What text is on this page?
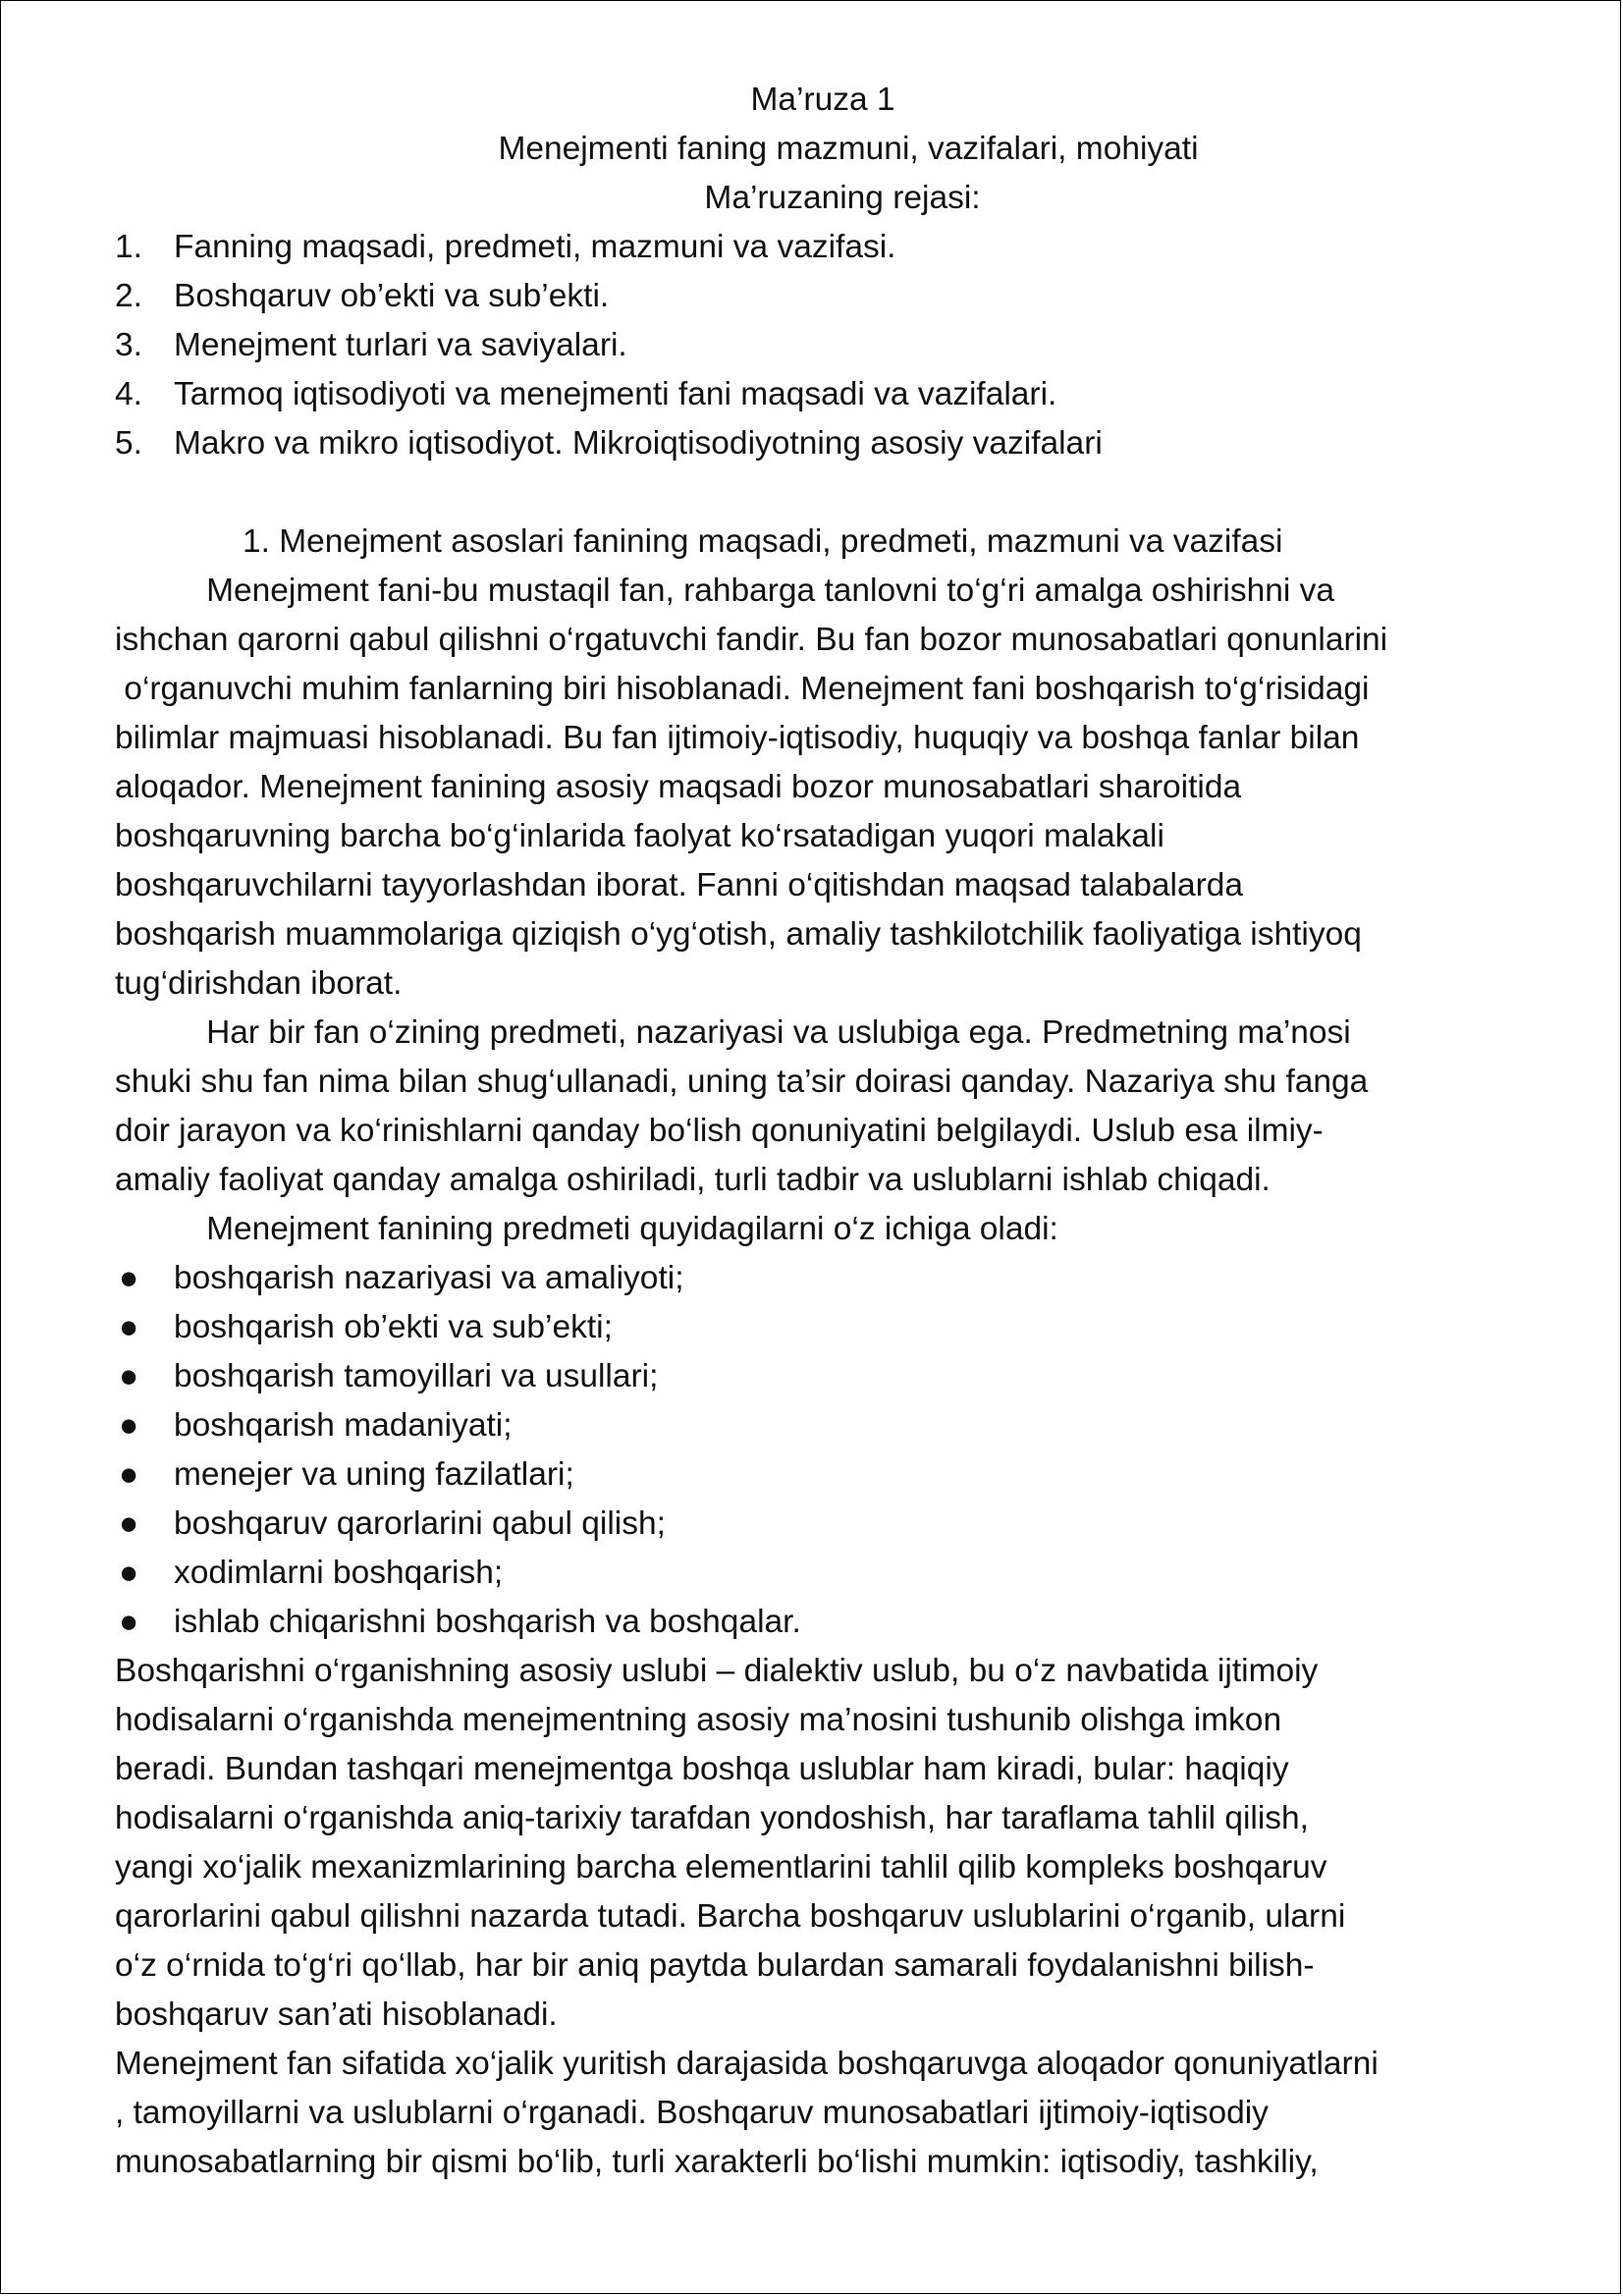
Ma’ruza 1
Menejmenti faning mazmuni, vazifalari, mohiyati
Ma’ruzaning rejasi:
1. Fanning maqsadi, predmeti, mazmuni va vazifasi.
2. Boshqaruv ob’ekti va sub’ekti.
3. Menejment turlari va saviyalari.
4. Tarmoq iqtisodiyoti va menejmenti fani maqsadi va vazifalari.
5. Makro va mikro iqtisodiyot. Mikroiqtisodiyotning asosiy vazifalari
1. Menejment asoslari fanining maqsadi, predmeti, mazmuni va vazifasi
Menejment fani-bu mustaqil fan, rahbarga tanlovni to‘g‘ri amalga oshirishni va
ishchan qarorni qabul qilishni o‘rgatuvchi fandir. Bu fan bozor munosabatlari qonunlarini
o‘rganuvchi muhim fanlarning biri hisoblanadi. Menejment fani boshqarish to‘g‘risidagi
bilimlar majmuasi hisoblanadi. Bu fan ijtimoiy-iqtisodiy, huquqiy va boshqa fanlar bilan
aloqador. Menejment fanining asosiy maqsadi bozor munosabatlari sharoitida
boshqaruvning barcha bo‘g‘inlarida faolyat ko‘rsatadigan yuqori malakali
boshqaruvchilarni tayyorlashdan iborat. Fanni o‘qitishdan maqsad talabalarda
boshqarish muammolariga qiziqish o‘yg‘otish, amaliy tashkilotchilik faoliyatiga ishtiyoq
tug‘dirishdan iborat.
Har bir fan o‘zining predmeti, nazariyasi va uslubiga ega. Predmetning ma’nosi
shuki shu fan nima bilan shug‘ullanadi, uning ta’sir doirasi qanday. Nazariya shu fanga
doir jarayon va ko‘rinishlarni qanday bo‘lish qonuniyatini belgilaydi. Uslub esa ilmiy-
amaliy faoliyat qanday amalga oshiriladi, turli tadbir va uslublarni ishlab chiqadi.
Menejment fanining predmeti quyidagilarni o‘z ichiga oladi:
●	boshqarish nazariyasi va amaliyoti;
●	boshqarish ob’ekti va sub’ekti;
●	boshqarish tamoyillari va usullari;
●	boshqarish madaniyati;
●	menejer va uning fazilatlari;
●	boshqaruv qarorlarini qabul qilish;
●	xodimlarni boshqarish;
●	ishlab chiqarishni boshqarish va boshqalar.
Boshqarishni o‘rganishning asosiy uslubi – dialektiv uslub, bu o‘z navbatida ijtimoiy
hodisalarni o‘rganishda menejmentning asosiy ma’nosini tushunib olishga imkon
beradi. Bundan tashqari menejmentga boshqa uslublar ham kiradi, bular: haqiqiy
hodisalarni o‘rganishda aniq-tarixiy tarafdan yondoshish, har taraflama tahlil qilish,
yangi xo‘jalik mexanizmlarining barcha elementlarini tahlil qilib kompleks boshqaruv
qarorlarini qabul qilishni nazarda tutadi. Barcha boshqaruv uslublarini o‘rganib, ularni
o‘z o‘rnida to‘g‘ri qo‘llab, har bir aniq paytda bulardan samarali foydalanishni bilish-
boshqaruv san’ati hisoblanadi.
Menejment fan sifatida xo‘jalik yuritish darajasida boshqaruvga aloqador qonuniyatlarni
, tamoyillarni va uslublarni o‘rganadi. Boshqaruv munosabatlari ijtimoiy-iqtisodiy
munosabatlarning bir qismi bo‘lib, turli xarakterli bo‘lishi mumkin: iqtisodiy, tashkiliy,
